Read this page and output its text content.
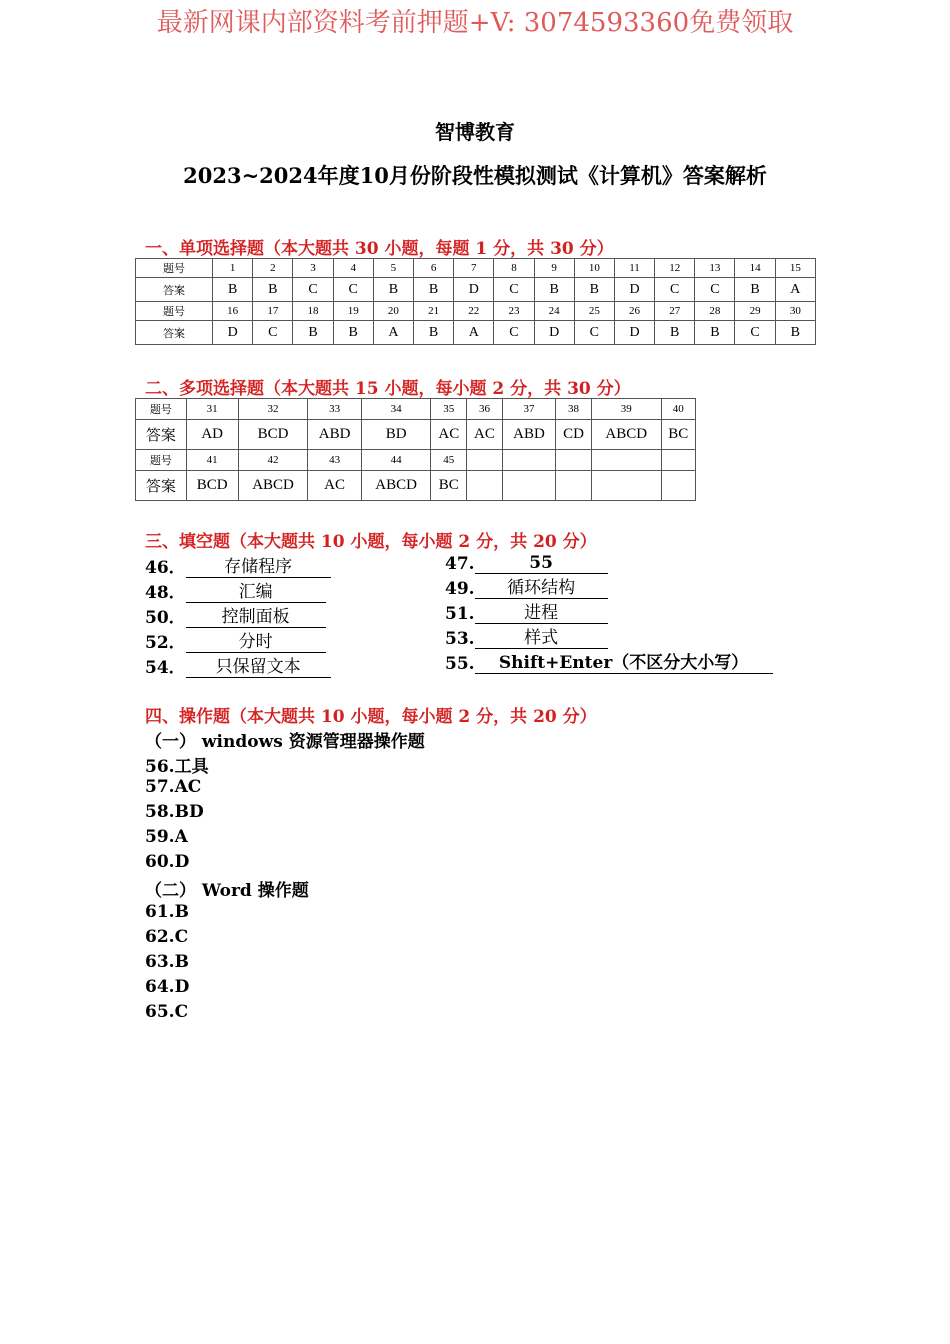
最新网课内部资料考前押题+V: 3074593360免费领取
智博教育
2023~2024年度10月份阶段性模拟测试《计算机》答案解析
一、单项选择题（本大题共 30 小题，每题 1 分，共 30 分）
题号	1	2	3	4	5	6	7	8	9	10	11	12	13	14	15
答案	B	B	C	C	B	B	D	C	B	B	D	C	C	B	A
题号	16	17	18	19	20	21	22	23	24	25	26	27	28	29	30
答案	D	C	B	B	A	B	A	C	D	C	D	B	B	C	B
二、多项选择题（本大题共 15 小题，每小题 2 分，共 30 分）
题号	31	32	33	34	35	36	37	38	39	40
答案	AD	BCD	ABD	BD	AC	AC	ABD	CD	ABCD	BC
题号	41	42	43	44	45					
答案	BCD	ABCD	AC	ABCD	BC					
三、填空题（本大题共 10 小题，每小题 2 分，共 20 分）
46． 存储程序	47.	55
48．	汇编	49. 循环结构
50． 控制面板	51.	进程
52．	分时	53.	样式
54． 只保留文本	55. Shift+Enter（不区分大小写）
四、操作题（本大题共 10 小题，每小题 2 分，共 20 分）
（一） windows 资源管理器操作题
56.工具
57.AC
58.BD
59.A
60.D
（二） Word 操作题
61.B
62.C
63.B
64.D
65.C
